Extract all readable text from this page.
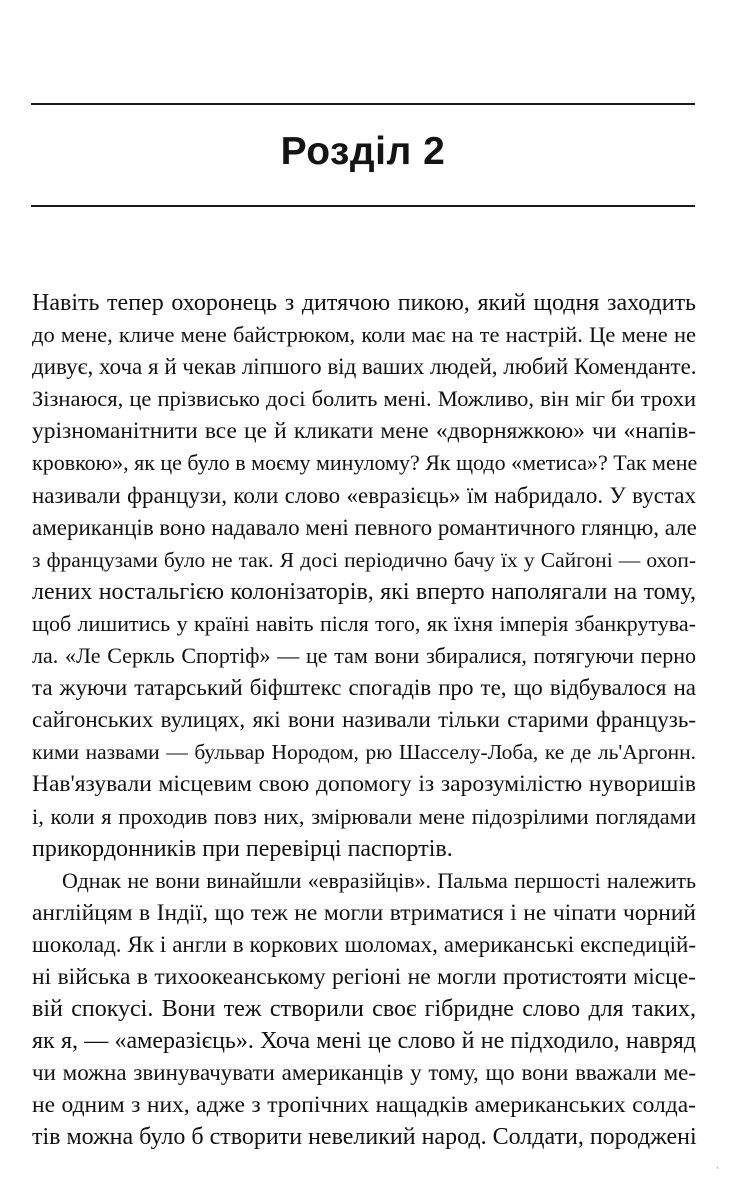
Розділ 2
Навіть тепер охоронець з дитячою пикою, який щодня заходить
до мене, кличе мене байстрюком, коли має на те настрій. Це мене не
дивує, хоча я й чекав ліпшого від ваших людей, любий Коменданте.
Зізнаюся, це прізвисько досі болить мені. Можливо, він міг би трохи
урізноманітнити все це й кликати мене «дворняжкою» чи «напів-
кровкою», як це було в моєму минулому? Як щодо «метиса»? Так мене
називали французи, коли слово «евразієць» їм набридало. У вустах
американців воно надавало мені певного романтичного глянцю, але
з французами було не так. Я досі періодично бачу їх у Сайгоні — охоп-
лених ностальгією колонізаторів, які вперто наполягали на тому,
щоб лишитись у країні навіть після того, як їхня імперія збанкрутува-
ла. «Ле Серкль Спортіф» — це там вони збиралися, потягуючи перно
та жуючи татарський біфштекс спогадів про те, що відбувалося на
сайгонських вулицях, які вони називали тільки старими французь-
кими назвами — бульвар Нородом, рю Шасселу-Лоба, ке де ль'Аргонн.
Нав'язували місцевим свою допомогу із зарозумілістю нуворишів
і, коли я проходив повз них, змірювали мене підозрілими поглядами
прикордонників при перевірці паспортів.
Однак не вони винайшли «евразійців». Пальма першості належить
англійцям в Індії, що теж не могли втриматися і не чіпати чорний
шоколад. Як і англи в коркових шоломах, американські експедицій-
ні війська в тихоокеанському регіоні не могли протистояти місце-
вій спокусі. Вони теж створили своє гібридне слово для таких,
як я, — «амеразієць». Хоча мені це слово й не підходило, навряд
чи можна звинувачувати американців у тому, що вони вважали ме-
не одним з них, адже з тропічних нащадків американських солда-
тів можна було б створити невеликий народ. Солдати, породжені
'
